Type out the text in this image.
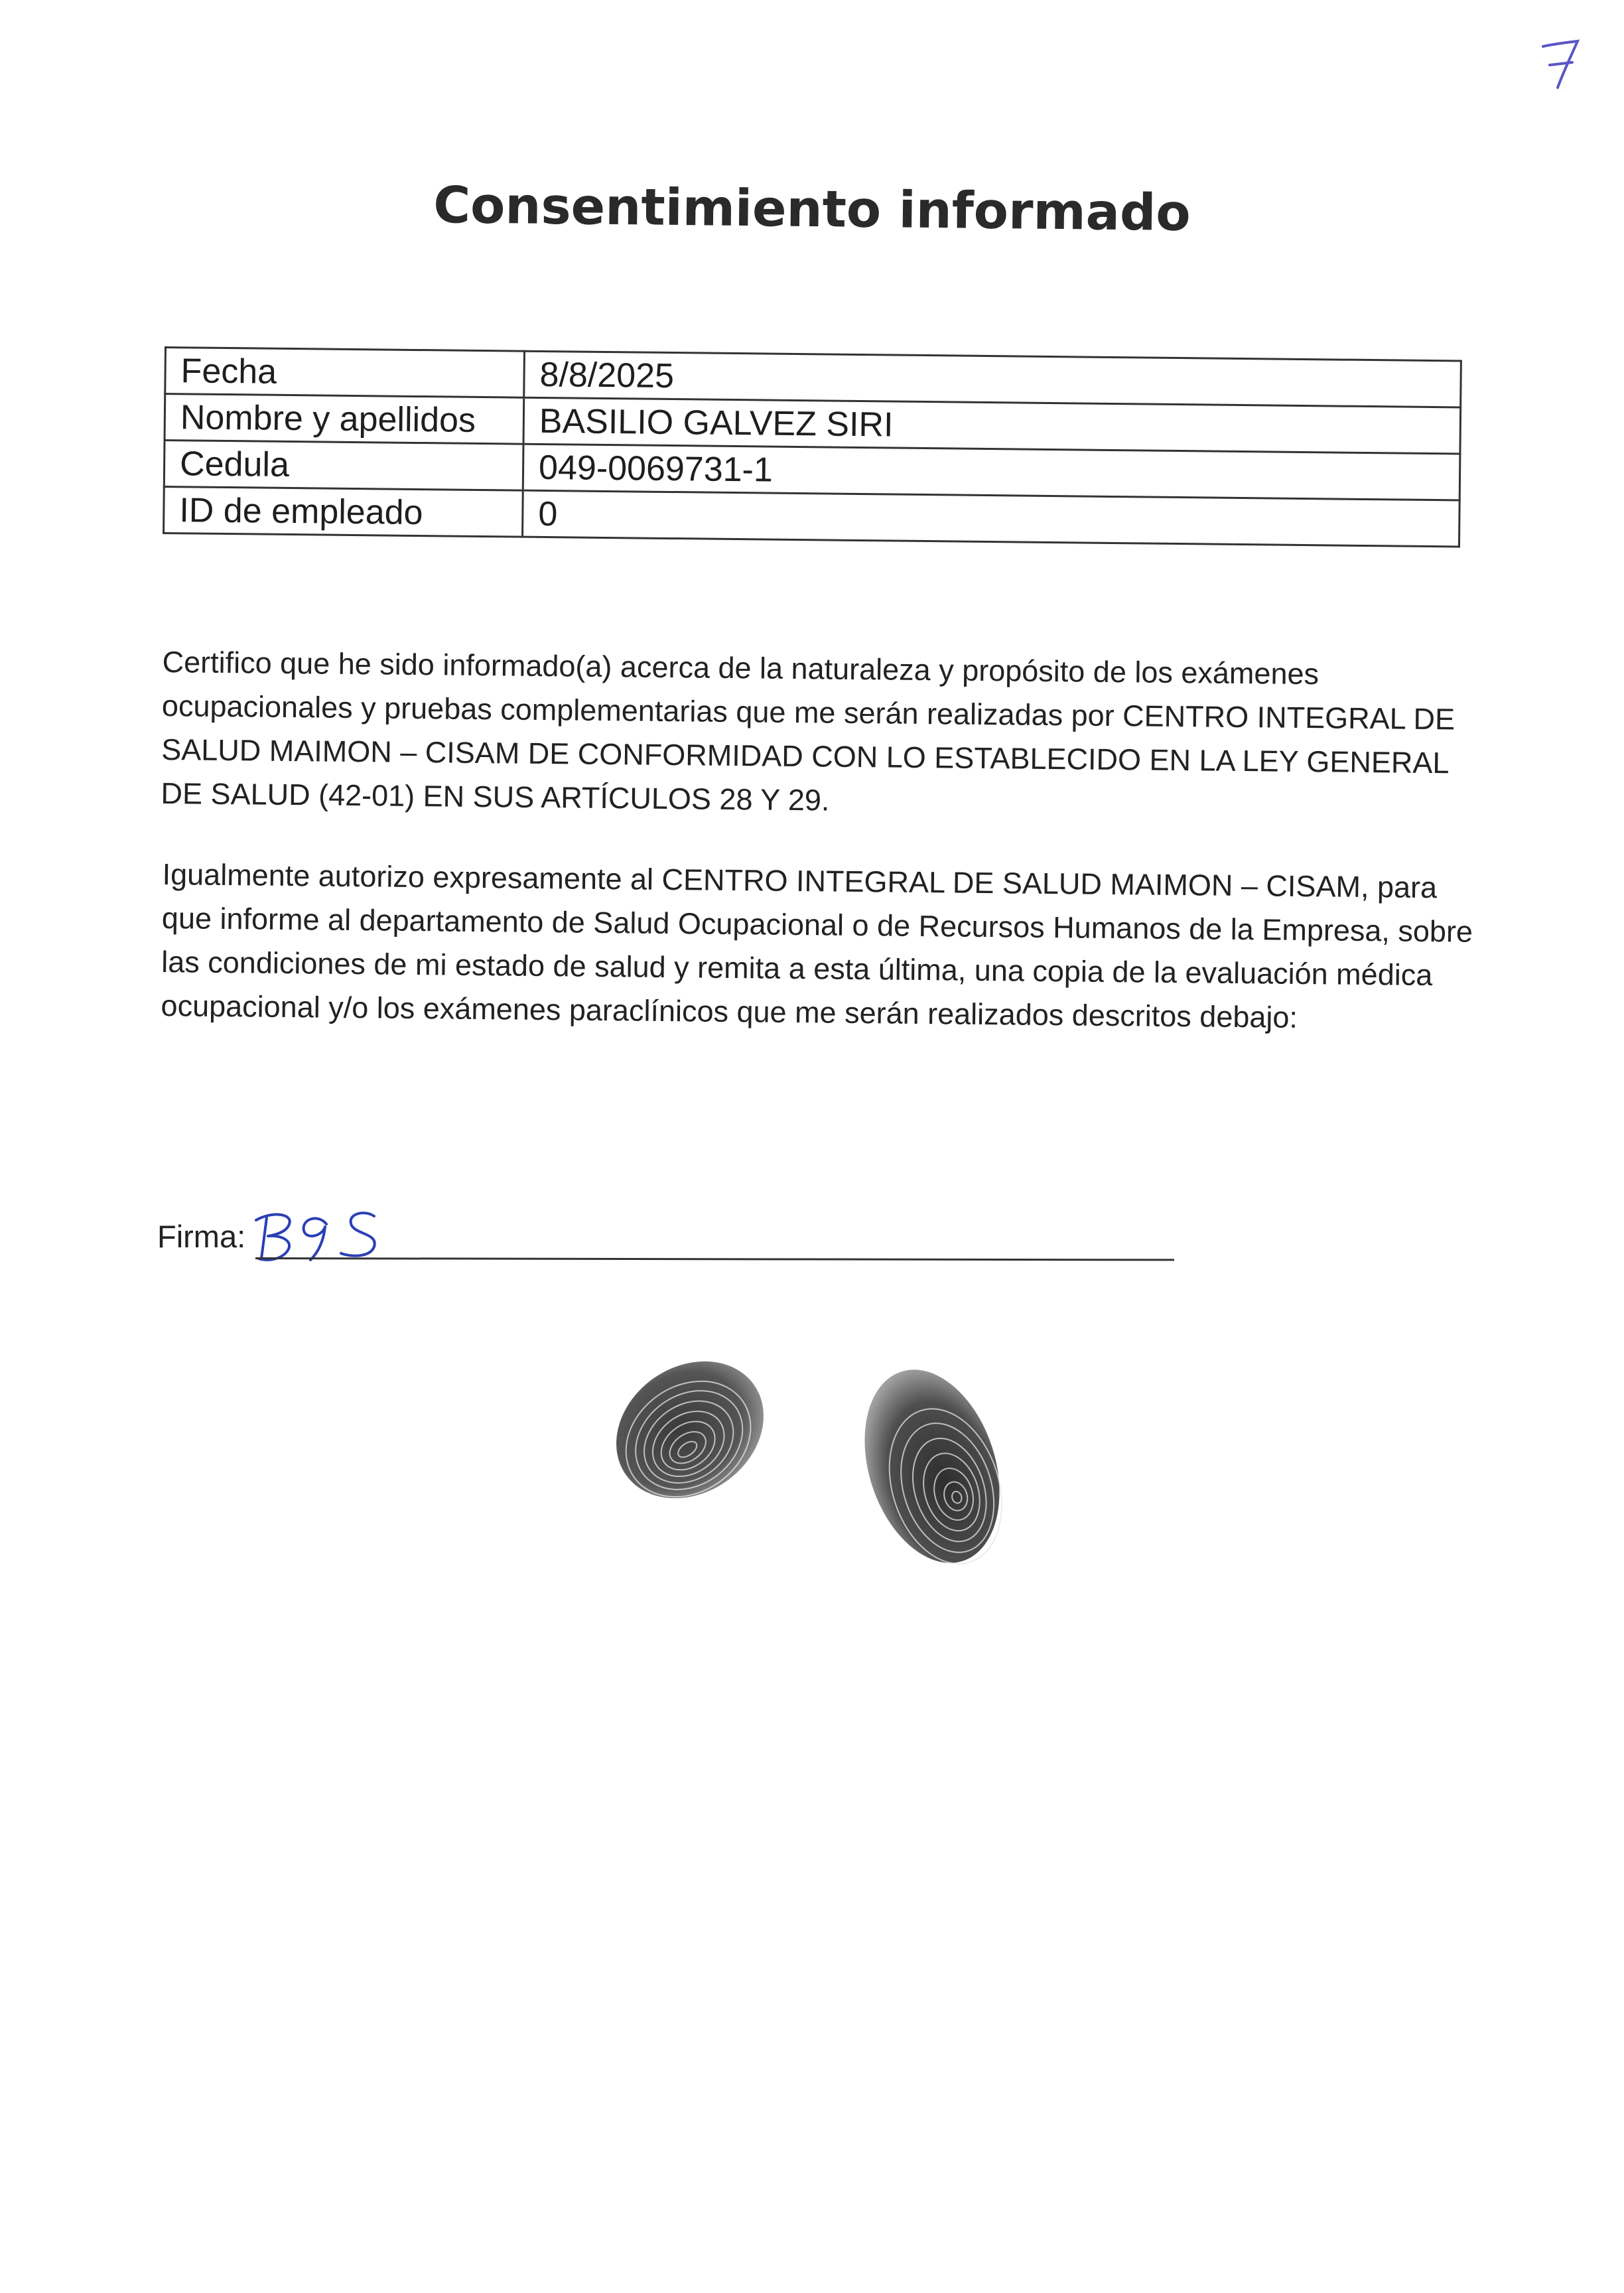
Consentimiento informado
Fecha	8/8/2025
Nombre y apellidos	BASILIO GALVEZ SIRI
Cedula	049-0069731-1
ID de empleado	0

Certifico que he sido informado(a) acerca de la naturaleza y propósito de los exámenes ocupacionales y pruebas complementarias que me serán realizadas por CENTRO INTEGRAL DE SALUD MAIMON – CISAM DE CONFORMIDAD CON LO ESTABLECIDO EN LA LEY GENERAL DE SALUD (42-01) EN SUS ARTÍCULOS 28 Y 29.

Igualmente autorizo expresamente al CENTRO INTEGRAL DE SALUD MAIMON – CISAM, para que informe al departamento de Salud Ocupacional o de Recursos Humanos de la Empresa, sobre las condiciones de mi estado de salud y remita a esta última, una copia de la evaluación médica ocupacional y/o los exámenes paraclínicos que me serán realizados descritos debajo:

Firma:
